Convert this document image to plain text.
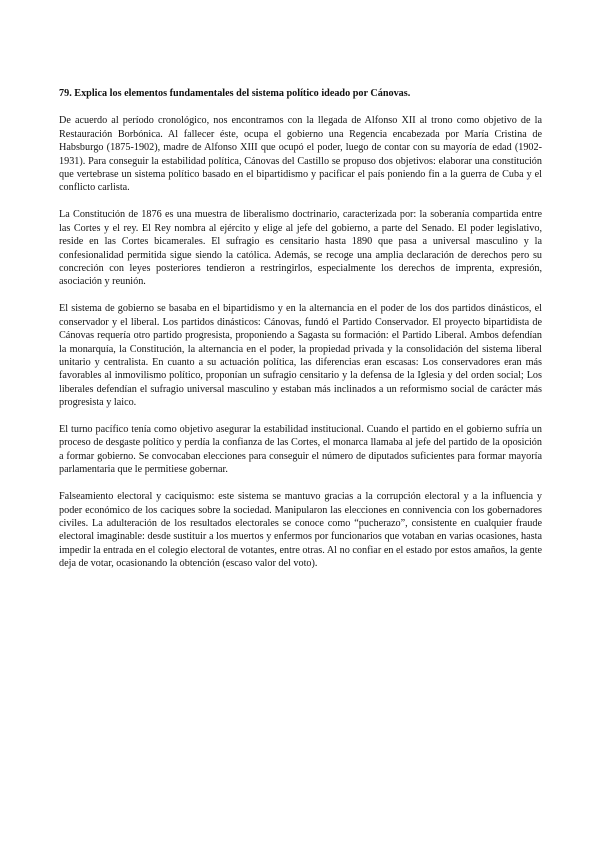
79. Explica los elementos fundamentales del sistema político ideado por Cánovas.

De acuerdo al período cronológico, nos encontramos con la llegada de Alfonso XII al trono como objetivo de la Restauración Borbónica. Al fallecer éste, ocupa el gobierno una Regencia encabezada por María Cristina de Habsburgo (1875-1902), madre de Alfonso XIII que ocupó el poder, luego de contar con su mayoría de edad (1902-1931). Para conseguir la estabilidad política, Cánovas del Castillo se propuso dos objetivos: elaborar una constitución que vertebrase un sistema político basado en el bipartidismo y pacificar el país poniendo fin a la guerra de Cuba y el conflicto carlista.

La Constitución de 1876 es una muestra de liberalismo doctrinario, caracterizada por: la soberanía compartida entre las Cortes y el rey. El Rey nombra al ejército y elige al jefe del gobierno, a parte del Senado. El poder legislativo, reside en las Cortes bicamerales. El sufragio es censitario hasta 1890 que pasa a universal masculino y la confesionalidad permitida sigue siendo la católica. Además, se recoge una amplia declaración de derechos pero su concreción con leyes posteriores tendieron a restringirlos, especialmente los derechos de imprenta, expresión, asociación y reunión.

El sistema de gobierno se basaba en el bipartidismo y en la alternancia en el poder de los dos partidos dinásticos, el conservador y el liberal. Los partidos dinásticos: Cánovas, fundó el Partido Conservador. El proyecto bipartidista de Cánovas requería otro partido progresista, proponiendo a Sagasta su formación: el Partido Liberal. Ambos defendían la monarquía, la Constitución, la alternancia en el poder, la propiedad privada y la consolidación del sistema liberal unitario y centralista. En cuanto a su actuación política, las diferencias eran escasas: Los conservadores eran más favorables al inmovilismo político, proponían un sufragio censitario y la defensa de la Iglesia y del orden social; Los liberales defendían el sufragio universal masculino y estaban más inclinados a un reformismo social de carácter más progresista y laico.

El turno pacífico tenía como objetivo asegurar la estabilidad institucional. Cuando el partido en el gobierno sufría un proceso de desgaste político y perdía la confianza de las Cortes, el monarca llamaba al jefe del partido de la oposición a formar gobierno. Se convocaban elecciones para conseguir el número de diputados suficientes para formar mayoría parlamentaria que le permitiese gobernar.

Falseamiento electoral y caciquismo: este sistema se mantuvo gracias a la corrupción electoral y a la influencia y poder económico de los caciques sobre la sociedad. Manipularon las elecciones en connivencia con los gobernadores civiles. La adulteración de los resultados electorales se conoce como “pucherazo”, consistente en cualquier fraude electoral imaginable: desde sustituir a los muertos y enfermos por funcionarios que votaban en varias ocasiones, hasta impedir la entrada en el colegio electoral de votantes, entre otras. Al no confiar en el estado por estos amaños, la gente deja de votar, ocasionando la obtención (escaso valor del voto).
